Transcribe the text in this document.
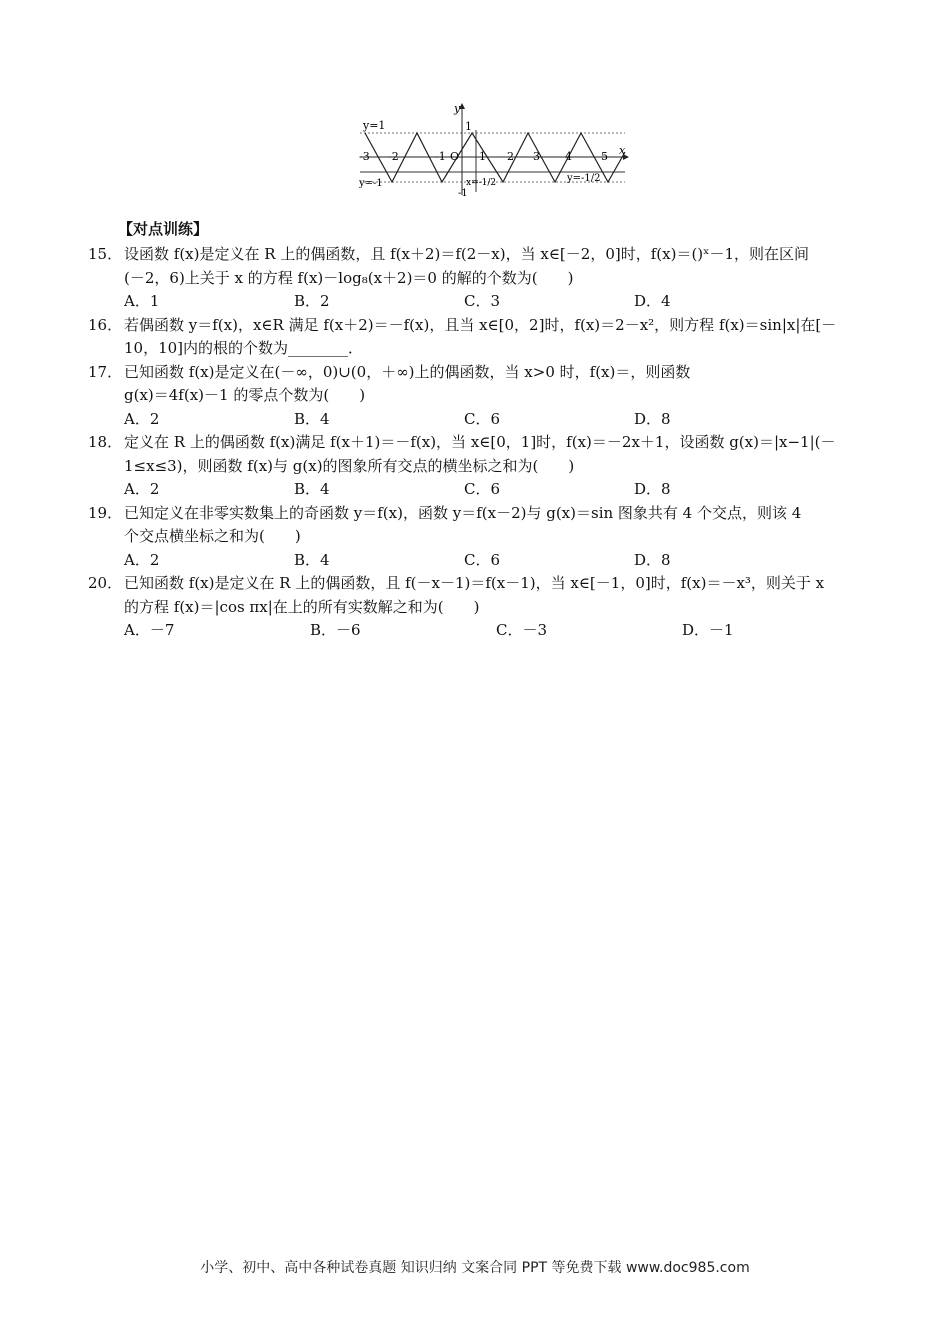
y=1
y=-1	y=-1/2
1
-1
x=-1/2
y
x
-3 -2	-1 O 1 2 3 4	5
【对点训练】
15． 设函数 f(x)是定义在 R 上的偶函数，且 f(x＋2)＝f(2－x)，当 x∈[－2，0]时，f(x)＝()ˣ－1，则在区间
(－2，6)上关于 x 的方程 f(x)－log₈(x＋2)＝0 的解的个数为(　　)
A．1	B．2	C．3	D．4
16． 若偶函数 y＝f(x)，x∈R 满足 f(x＋2)＝－f(x)，且当 x∈[0，2]时，f(x)＝2－x²，则方程 f(x)＝sin|x|在[－
10，10]内的根的个数为________．
17． 已知函数 f(x)是定义在(－∞，0)∪(0，＋∞)上的偶函数，当 x>0 时，f(x)＝，则函数
g(x)＝4f(x)－1 的零点个数为(　　)
A．2	B．4	C．6	D．8
18． 定义在 R 上的偶函数 f(x)满足 f(x＋1)＝－f(x)，当 x∈[0，1]时，f(x)＝－2x＋1，设函数 g(x)＝|x−1|(－
1≤x≤3)，则函数 f(x)与 g(x)的图象所有交点的横坐标之和为(　　)
A．2	B．4	C．6	D．8
19． 已知定义在非零实数集上的奇函数 y＝f(x)，函数 y＝f(x－2)与 g(x)＝sin 图象共有 4 个交点，则该 4
个交点横坐标之和为(　　)
A．2	B．4	C．6	D．8
20． 已知函数 f(x)是定义在 R 上的偶函数，且 f(－x－1)＝f(x－1)，当 x∈[－1，0]时，f(x)＝－x³，则关于 x
的方程 f(x)＝|cos πx|在上的所有实数解之和为(　　)
A．－7	B．－6	C．－3	D．－1
小学、初中、高中各种试卷真题 知识归纳 文案合同 PPT 等免费下载 www.doc985.com
